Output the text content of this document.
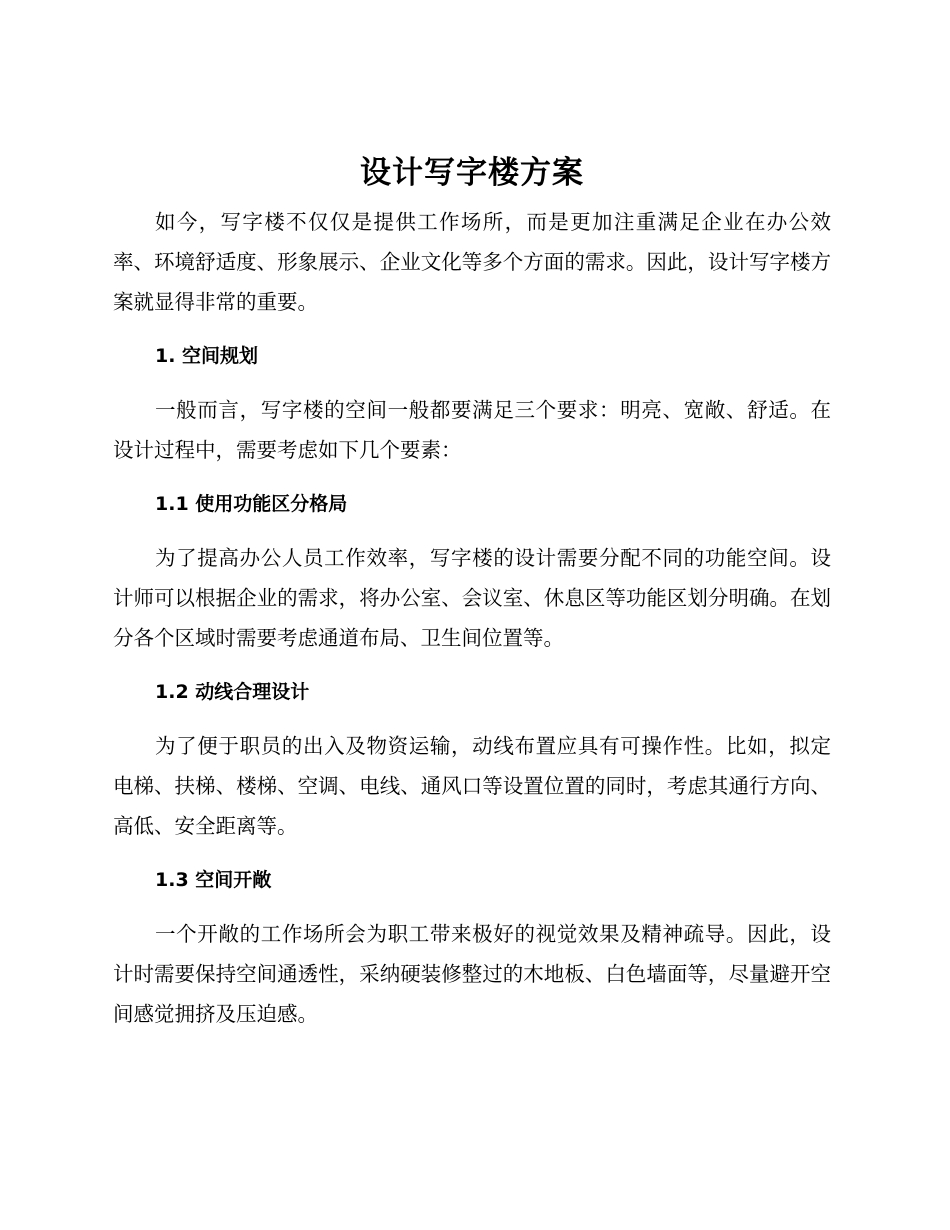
设计写字楼方案

如今，写字楼不仅仅是提供工作场所，而是更加注重满足企业在办公效率、环境舒适度、形象展示、企业文化等多个方面的需求。因此，设计写字楼方案就显得非常的重要。

1. 空间规划

一般而言，写字楼的空间一般都要满足三个要求：明亮、宽敞、舒适。在设计过程中，需要考虑如下几个要素：

1.1 使用功能区分格局

为了提高办公人员工作效率，写字楼的设计需要分配不同的功能空间。设计师可以根据企业的需求，将办公室、会议室、休息区等功能区划分明确。在划分各个区域时需要考虑通道布局、卫生间位置等。

1.2 动线合理设计

为了便于职员的出入及物资运输，动线布置应具有可操作性。比如，拟定电梯、扶梯、楼梯、空调、电线、通风口等设置位置的同时，考虑其通行方向、高低、安全距离等。

1.3 空间开敞

一个开敞的工作场所会为职工带来极好的视觉效果及精神疏导。因此，设计时需要保持空间通透性，采纳硬装修整过的木地板、白色墙面等，尽量避开空间感觉拥挤及压迫感。
